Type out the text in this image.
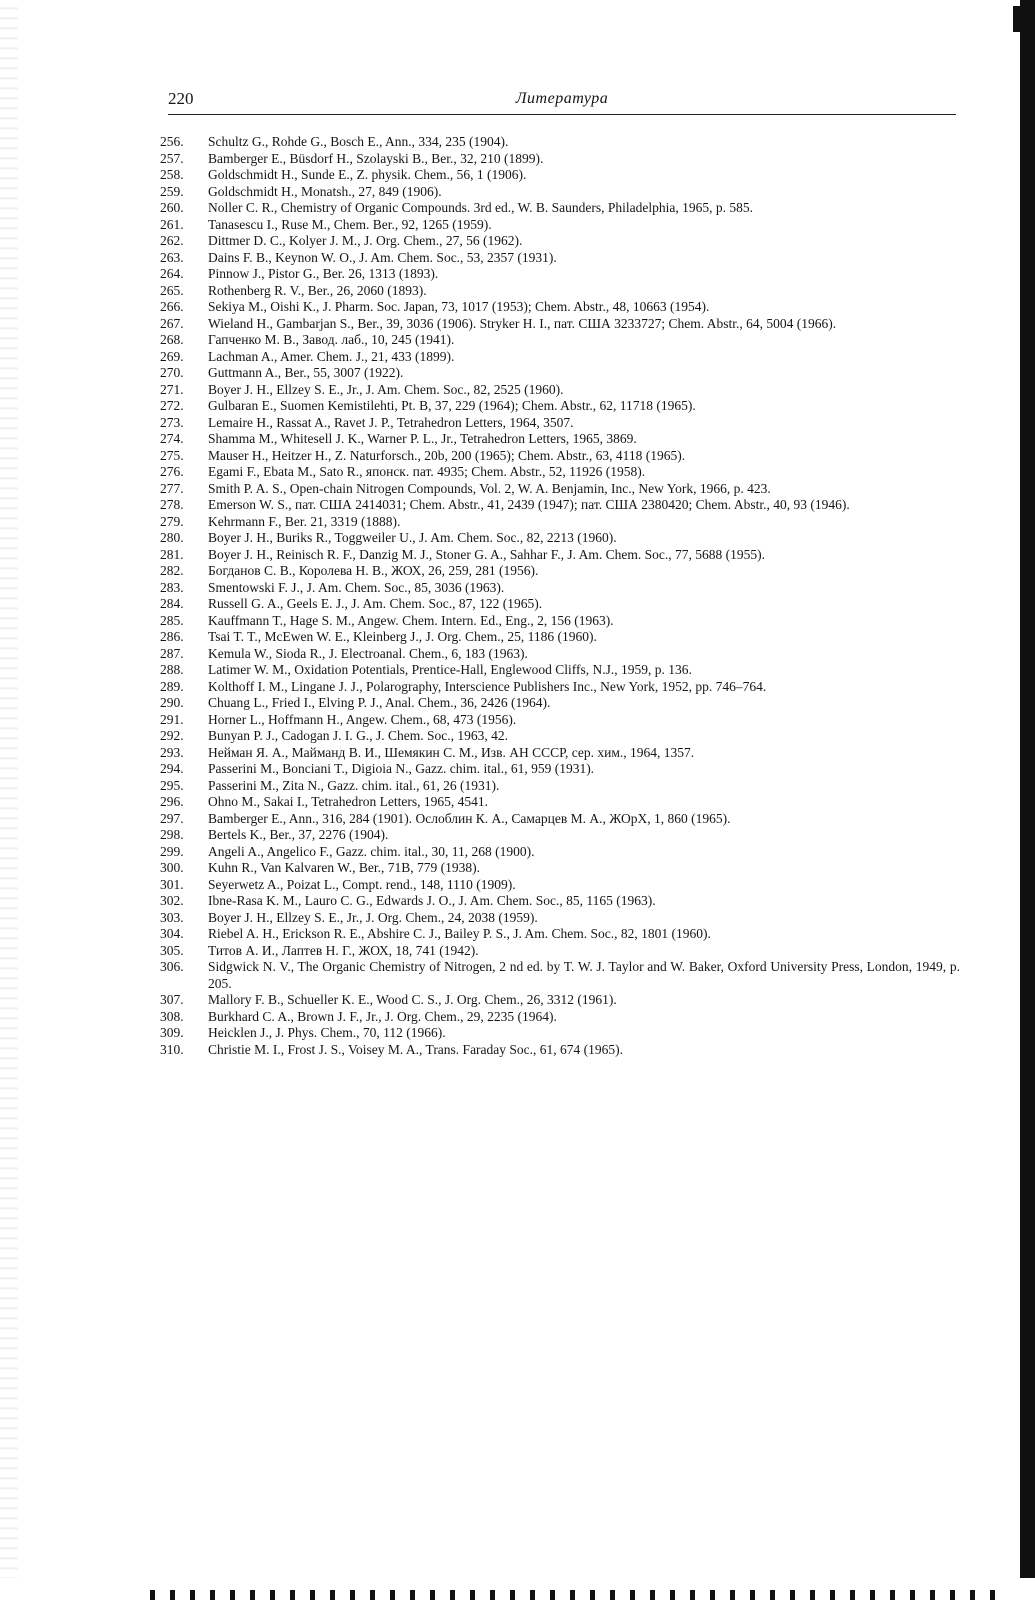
220	Литература
256.	Schultz G., Rohde G., Bosch E., Ann., 334, 235 (1904).
257.	Bamberger E., Büsdorf H., Szolayski B., Ber., 32, 210 (1899).
258.	Goldschmidt H., Sunde E., Z. physik. Chem., 56, 1 (1906).
259.	Goldschmidt H., Monatsh., 27, 849 (1906).
260.	Noller C. R., Chemistry of Organic Compounds. 3rd ed., W. B. Saunders, Philadelphia, 1965, p. 585.
261.	Tanasescu I., Ruse M., Chem. Ber., 92, 1265 (1959).
262.	Dittmer D. C., Kolyer J. M., J. Org. Chem., 27, 56 (1962).
263.	Dains F. B., Keynon W. O., J. Am. Chem. Soc., 53, 2357 (1931).
264.	Pinnow J., Pistor G., Ber. 26, 1313 (1893).
265.	Rothenberg R. V., Ber., 26, 2060 (1893).
266.	Sekiya M., Oishi K., J. Pharm. Soc. Japan, 73, 1017 (1953); Chem. Abstr., 48, 10663 (1954).
267.	Wieland H., Gambarjan S., Ber., 39, 3036 (1906). Stryker H. I., пат. США 3233727; Chem. Abstr., 64, 5004 (1966).
268.	Гапченко М. В., Завод. лаб., 10, 245 (1941).
269.	Lachman A., Amer. Chem. J., 21, 433 (1899).
270.	Guttmann A., Ber., 55, 3007 (1922).
271.	Boyer J. H., Ellzey S. E., Jr., J. Am. Chem. Soc., 82, 2525 (1960).
272.	Gulbaran E., Suomen Kemistilehti, Pt. B, 37, 229 (1964); Chem. Abstr., 62, 11718 (1965).
273.	Lemaire H., Rassat A., Ravet J. P., Tetrahedron Letters, 1964, 3507.
274.	Shamma M., Whitesell J. K., Warner P. L., Jr., Tetrahedron Letters, 1965, 3869.
275.	Mauser H., Heitzer H., Z. Naturforsch., 20b, 200 (1965); Chem. Abstr., 63, 4118 (1965).
276.	Egami F., Ebata M., Sato R., японск. пат. 4935; Chem. Abstr., 52, 11926 (1958).
277.	Smith P. A. S., Open-chain Nitrogen Compounds, Vol. 2, W. A. Benjamin, Inc., New York, 1966, p. 423.
278.	Emerson W. S., пат. США 2414031; Chem. Abstr., 41, 2439 (1947); пат. США 2380420; Chem. Abstr., 40, 93 (1946).
279.	Kehrmann F., Ber. 21, 3319 (1888).
280.	Boyer J. H., Buriks R., Toggweiler U., J. Am. Chem. Soc., 82, 2213 (1960).
281.	Boyer J. H., Reinisch R. F., Danzig M. J., Stoner G. A., Sahhar F., J. Am. Chem. Soc., 77, 5688 (1955).
282.	Богданов С. В., Королева Н. В., ЖОХ, 26, 259, 281 (1956).
283.	Smentowski F. J., J. Am. Chem. Soc., 85, 3036 (1963).
284.	Russell G. A., Geels E. J., J. Am. Chem. Soc., 87, 122 (1965).
285.	Kauffmann T., Hage S. M., Angew. Chem. Intern. Ed., Eng., 2, 156 (1963).
286.	Tsai T. T., McEwen W. E., Kleinberg J., J. Org. Chem., 25, 1186 (1960).
287.	Kemula W., Sioda R., J. Electroanal. Chem., 6, 183 (1963).
288.	Latimer W. M., Oxidation Potentials, Prentice-Hall, Englewood Cliffs, N.J., 1959, p. 136.
289.	Kolthoff I. M., Lingane J. J., Polarography, Interscience Publishers Inc., New York, 1952, pp. 746–764.
290.	Chuang L., Fried I., Elving P. J., Anal. Chem., 36, 2426 (1964).
291.	Horner L., Hoffmann H., Angew. Chem., 68, 473 (1956).
292.	Bunyan P. J., Cadogan J. I. G., J. Chem. Soc., 1963, 42.
293.	Нейман Я. А., Майманд В. И., Шемякин С. М., Изв. АН СССР, сер. хим., 1964, 1357.
294.	Passerini M., Bonciani T., Digioia N., Gazz. chim. ital., 61, 959 (1931).
295.	Passerini M., Zita N., Gazz. chim. ital., 61, 26 (1931).
296.	Ohno M., Sakai I., Tetrahedron Letters, 1965, 4541.
297.	Bamberger E., Ann., 316, 284 (1901). Ослоблин К. А., Самарцев М. А., ЖОрХ, 1, 860 (1965).
298.	Bertels K., Ber., 37, 2276 (1904).
299.	Angeli A., Angelico F., Gazz. chim. ital., 30, 11, 268 (1900).
300.	Kuhn R., Van Kalvaren W., Ber., 71B, 779 (1938).
301.	Seyerwetz A., Poizat L., Compt. rend., 148, 1110 (1909).
302.	Ibne-Rasa K. M., Lauro C. G., Edwards J. O., J. Am. Chem. Soc., 85, 1165 (1963).
303.	Boyer J. H., Ellzey S. E., Jr., J. Org. Chem., 24, 2038 (1959).
304.	Riebel A. H., Erickson R. E., Abshire C. J., Bailey P. S., J. Am. Chem. Soc., 82, 1801 (1960).
305.	Титов А. И., Лаптев Н. Г., ЖОХ, 18, 741 (1942).
306.	Sidgwick N. V., The Organic Chemistry of Nitrogen, 2 nd ed. by T. W. J. Taylor and W. Baker, Oxford University Press, London, 1949, p. 205.
307.	Mallory F. B., Schueller K. E., Wood C. S., J. Org. Chem., 26, 3312 (1961).
308.	Burkhard C. A., Brown J. F., Jr., J. Org. Chem., 29, 2235 (1964).
309.	Heicklen J., J. Phys. Chem., 70, 112 (1966).
310.	Christie M. I., Frost J. S., Voisey M. A., Trans. Faraday Soc., 61, 674 (1965).
